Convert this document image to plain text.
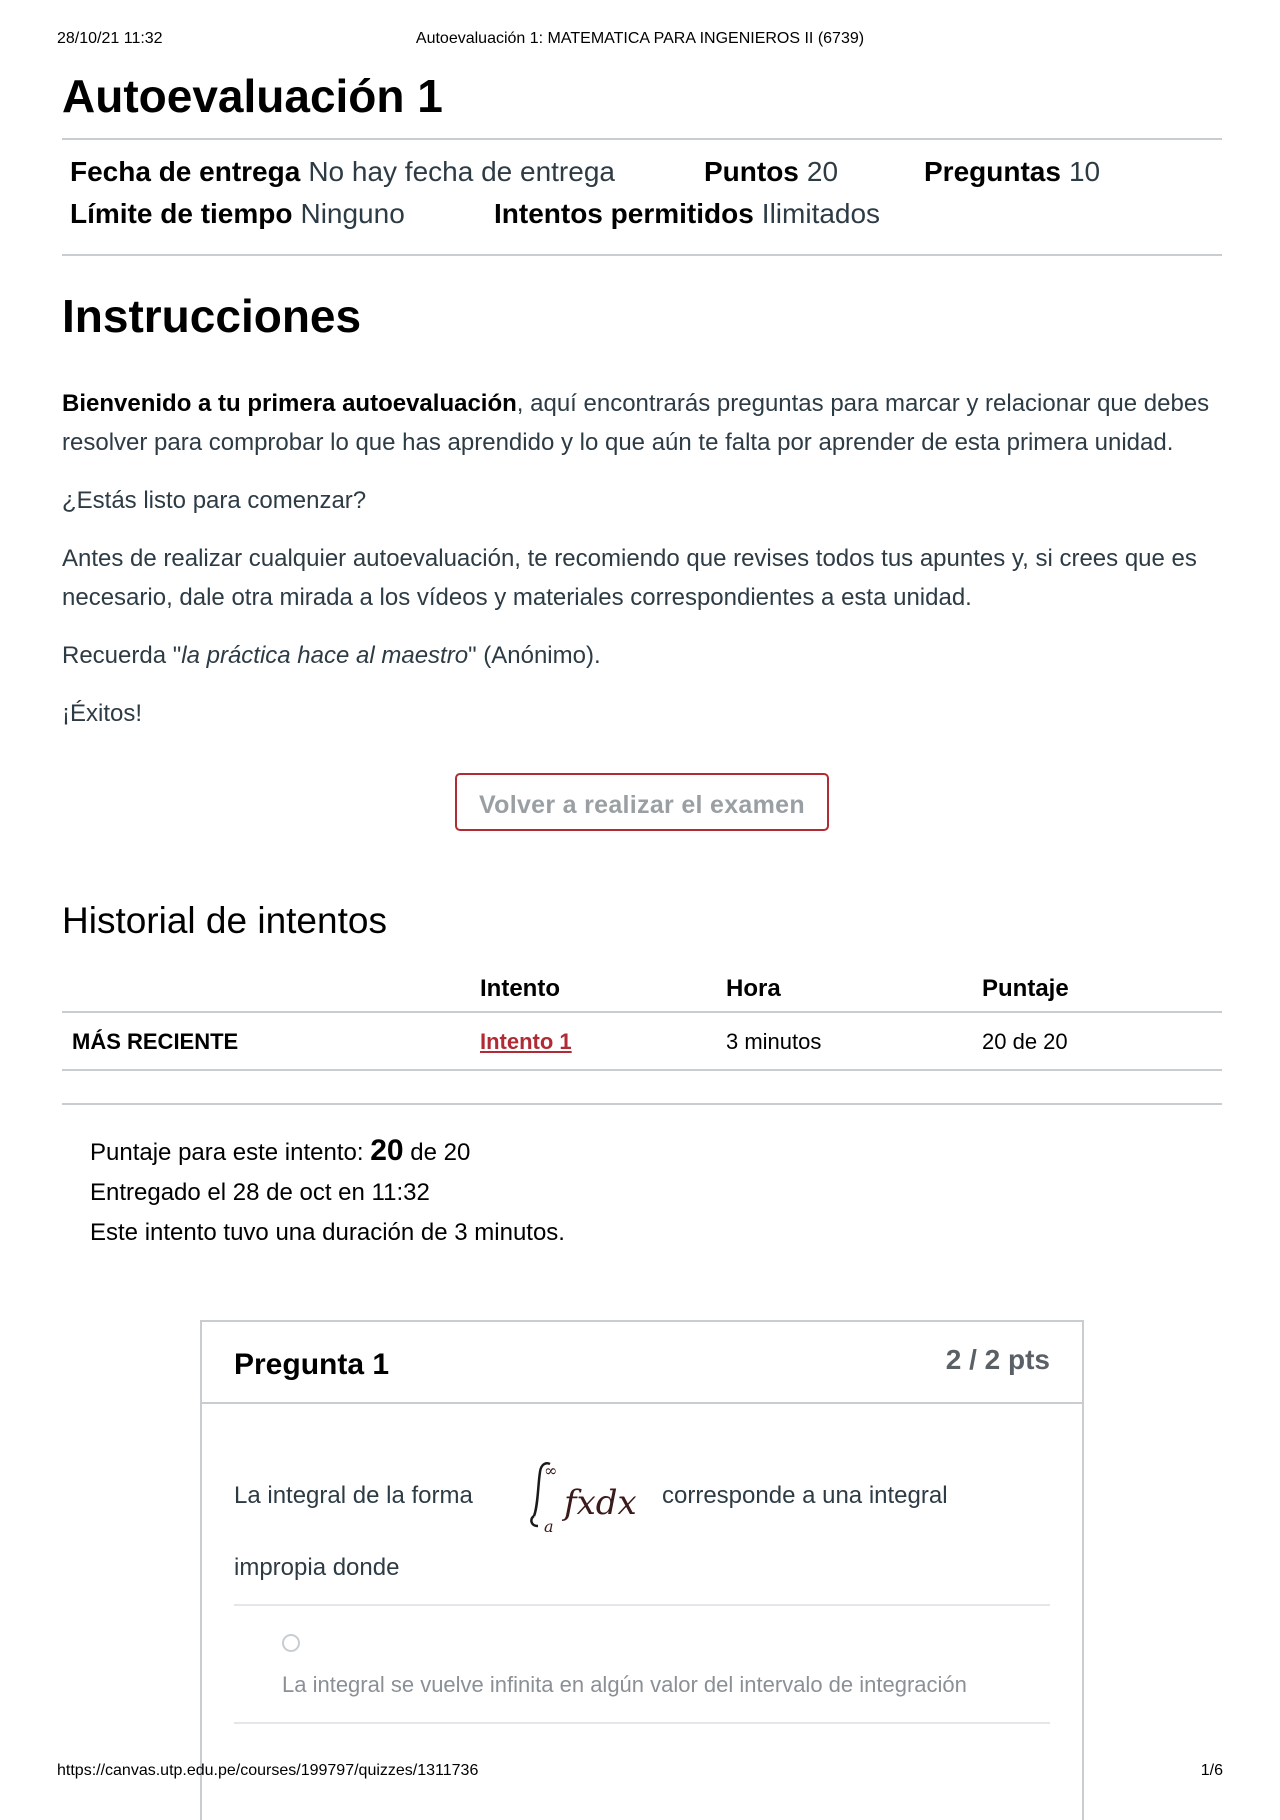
28/10/21 11:32	Autoevaluación 1: MATEMATICA PARA INGENIEROS II (6739)
Autoevaluación 1
Fecha de entrega No hay fecha de entrega	Puntos 20	Preguntas 10
Límite de tiempo Ninguno	Intentos permitidos Ilimitados
Instrucciones

Bienvenido a tu primera autoevaluación, aquí encontrarás preguntas para marcar y relacionar que debes resolver para comprobar lo que has aprendido y lo que aún te falta por aprender de esta primera unidad.

¿Estás listo para comenzar?

Antes de realizar cualquier autoevaluación, te recomiendo que revises todos tus apuntes y, si crees que es necesario, dale otra mirada a los vídeos y materiales correspondientes a esta unidad.

Recuerda "la práctica hace al maestro" (Anónimo).

¡Éxitos!

Volver a realizar el examen
Historial de intentos
	Intento	Hora	Puntaje
MÁS RECIENTE	Intento 1	3 minutos	20 de 20
Puntaje para este intento: 20 de 20
Entregado el 28 de oct en 11:32
Este intento tuvo una duración de 3 minutos.
Pregunta 1	2 / 2 pts
La integral de la forma
∞
a
fxdx corresponde a una integral
impropia donde
La integral se vuelve infinita en algún valor del intervalo de integración
https://canvas.utp.edu.pe/courses/199797/quizzes/1311736	1/6
